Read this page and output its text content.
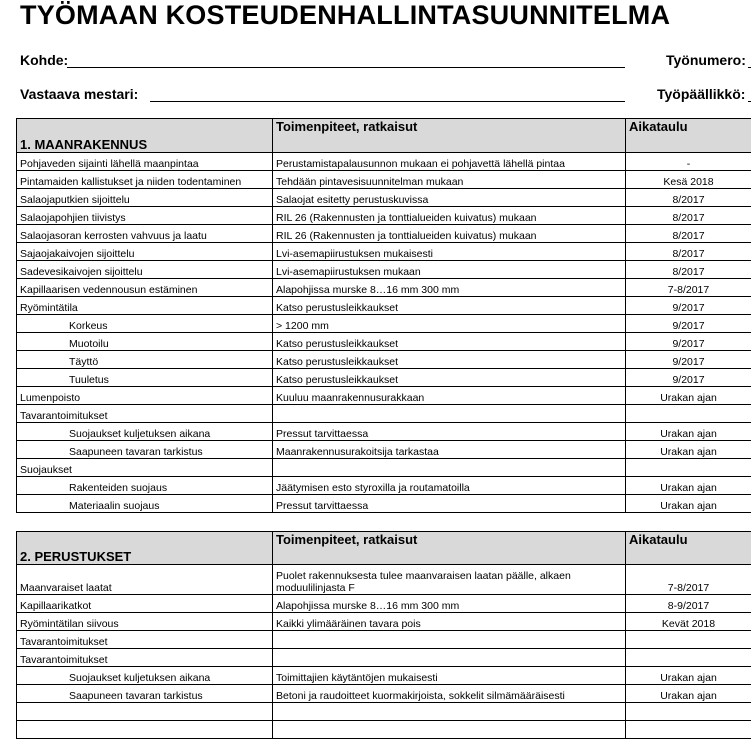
TYÖMAAN KOSTEUDENHALLINTASUUNNITELMA
Kohde:	Työnumero:
Vastaava mestari:	Työpäällikkö:
1. MAANRAKENNUS	Toimenpiteet, ratkaisut	Aikataulu
Pohjaveden sijainti lähellä maanpintaa	Perustamistapalausunnon mukaan ei pohjavettä lähellä pintaa	-
Pintamaiden kallistukset ja niiden todentaminen	Tehdään pintavesisuunnitelman mukaan	Kesä 2018
Salaojaputkien sijoittelu	Salaojat esitetty perustuskuvissa	8/2017
Salaojapohjien tiivistys	RIL 26 (Rakennusten ja tonttialueiden kuivatus) mukaan	8/2017
Salaojasoran kerrosten vahvuus ja laatu	RIL 26 (Rakennusten ja tonttialueiden kuivatus) mukaan	8/2017
Sajaojakaivojen sijoittelu	Lvi-asemapiirustuksen mukaisesti	8/2017
Sadevesikaivojen sijoittelu	Lvi-asemapiirustuksen mukaan	8/2017
Kapillaarisen vedennousun estäminen	Alapohjissa murske 8…16 mm 300 mm	7-8/2017
Ryömintätila	Katso perustusleikkaukset	9/2017
Korkeus	> 1200 mm	9/2017
Muotoilu	Katso perustusleikkaukset	9/2017
Täyttö	Katso perustusleikkaukset	9/2017
Tuuletus	Katso perustusleikkaukset	9/2017
Lumenpoisto	Kuuluu maanrakennusurakkaan	Urakan ajan
Tavarantoimitukset		
Suojaukset kuljetuksen aikana	Pressut tarvittaessa	Urakan ajan
Saapuneen tavaran tarkistus	Maanrakennusurakoitsija tarkastaa	Urakan ajan
Suojaukset		
Rakenteiden suojaus	Jäätymisen esto styroxilla ja routamatoilla	Urakan ajan
Materiaalin suojaus	Pressut tarvittaessa	Urakan ajan
2. PERUSTUKSET	Toimenpiteet, ratkaisut	Aikataulu
Maanvaraiset laatat	Puolet rakennuksesta tulee maanvaraisen laatan päälle, alkaen moduulilinjasta F	7-8/2017
Kapillaarikatkot	Alapohjissa murske 8…16 mm 300 mm	8-9/2017
Ryömintätilan siivous	Kaikki ylimääräinen tavara pois	Kevät 2018
Tavarantoimitukset		
Tavarantoimitukset		
Suojaukset kuljetuksen aikana	Toimittajien käytäntöjen mukaisesti	Urakan ajan
Saapuneen tavaran tarkistus	Betoni ja raudoitteet kuormakirjoista, sokkelit silmämääräisesti	Urakan ajan
